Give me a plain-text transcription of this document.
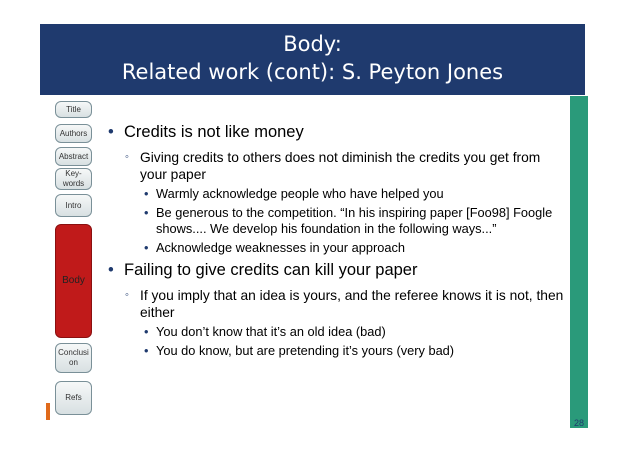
Body:
Related work (cont): S. Peyton Jones
Title
Authors
Abstract
Key-
words
Intro
Body
Conclusi
on
Refs
• Credits is not like money
◦ Giving credits to others does not diminish the credits you get from your paper
• Warmly acknowledge people who have helped you
• Be generous to the competition. “In his inspiring paper [Foo98] Foogle shows.... We develop his foundation in the following ways...”
• Acknowledge weaknesses in your approach
• Failing to give credits can kill your paper
◦ If you imply that an idea is yours, and the referee knows it is not, then either
• You don’t know that it’s an old idea (bad)
• You do know, but are pretending it’s yours (very bad)
28
